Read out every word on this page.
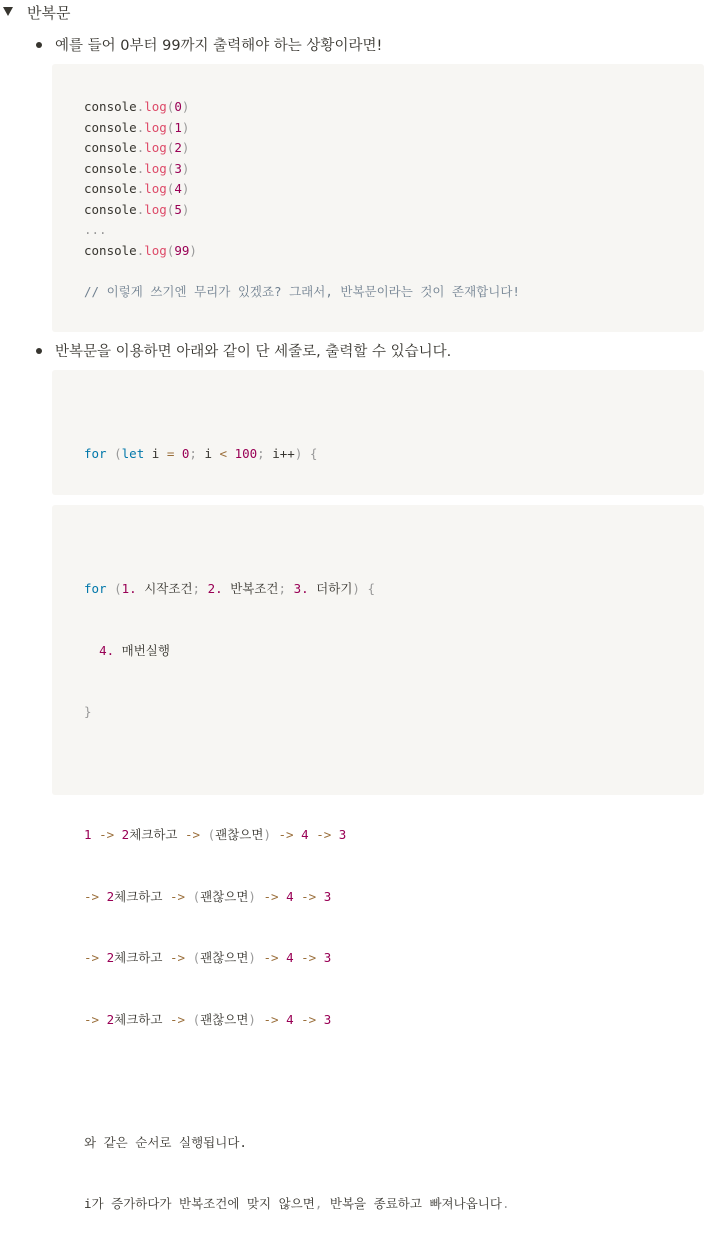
반복문
예를 들어 0부터 99까지 출력해야 하는 상황이라면!
console.log(0)
console.log(1)
console.log(2)
console.log(3)
console.log(4)
console.log(5)
...
console.log(99)

// 이렇게 쓰기엔 무리가 있겠죠? 그래서, 반복문이라는 것이 존재합니다!
반복문을 이용하면 아래와 같이 단 세줄로, 출력할 수 있습니다.

for (let i = 0; i < 100; i++) {

for (1. 시작조건; 2. 반복조건; 3. 더하기) {

4. 매번실행

}

1 -> 2체크하고 -> (괜찮으면) -> 4 -> 3

-> 2체크하고 -> (괜찮으면) -> 4 -> 3

-> 2체크하고 -> (괜찮으면) -> 4 -> 3

-> 2체크하고 -> (괜찮으면) -> 4 -> 3

와 같은 순서로 실행됩니다.

i가 증가하다가 반복조건에 맞지 않으면, 반복을 종료하고 빠져나옵니다.
